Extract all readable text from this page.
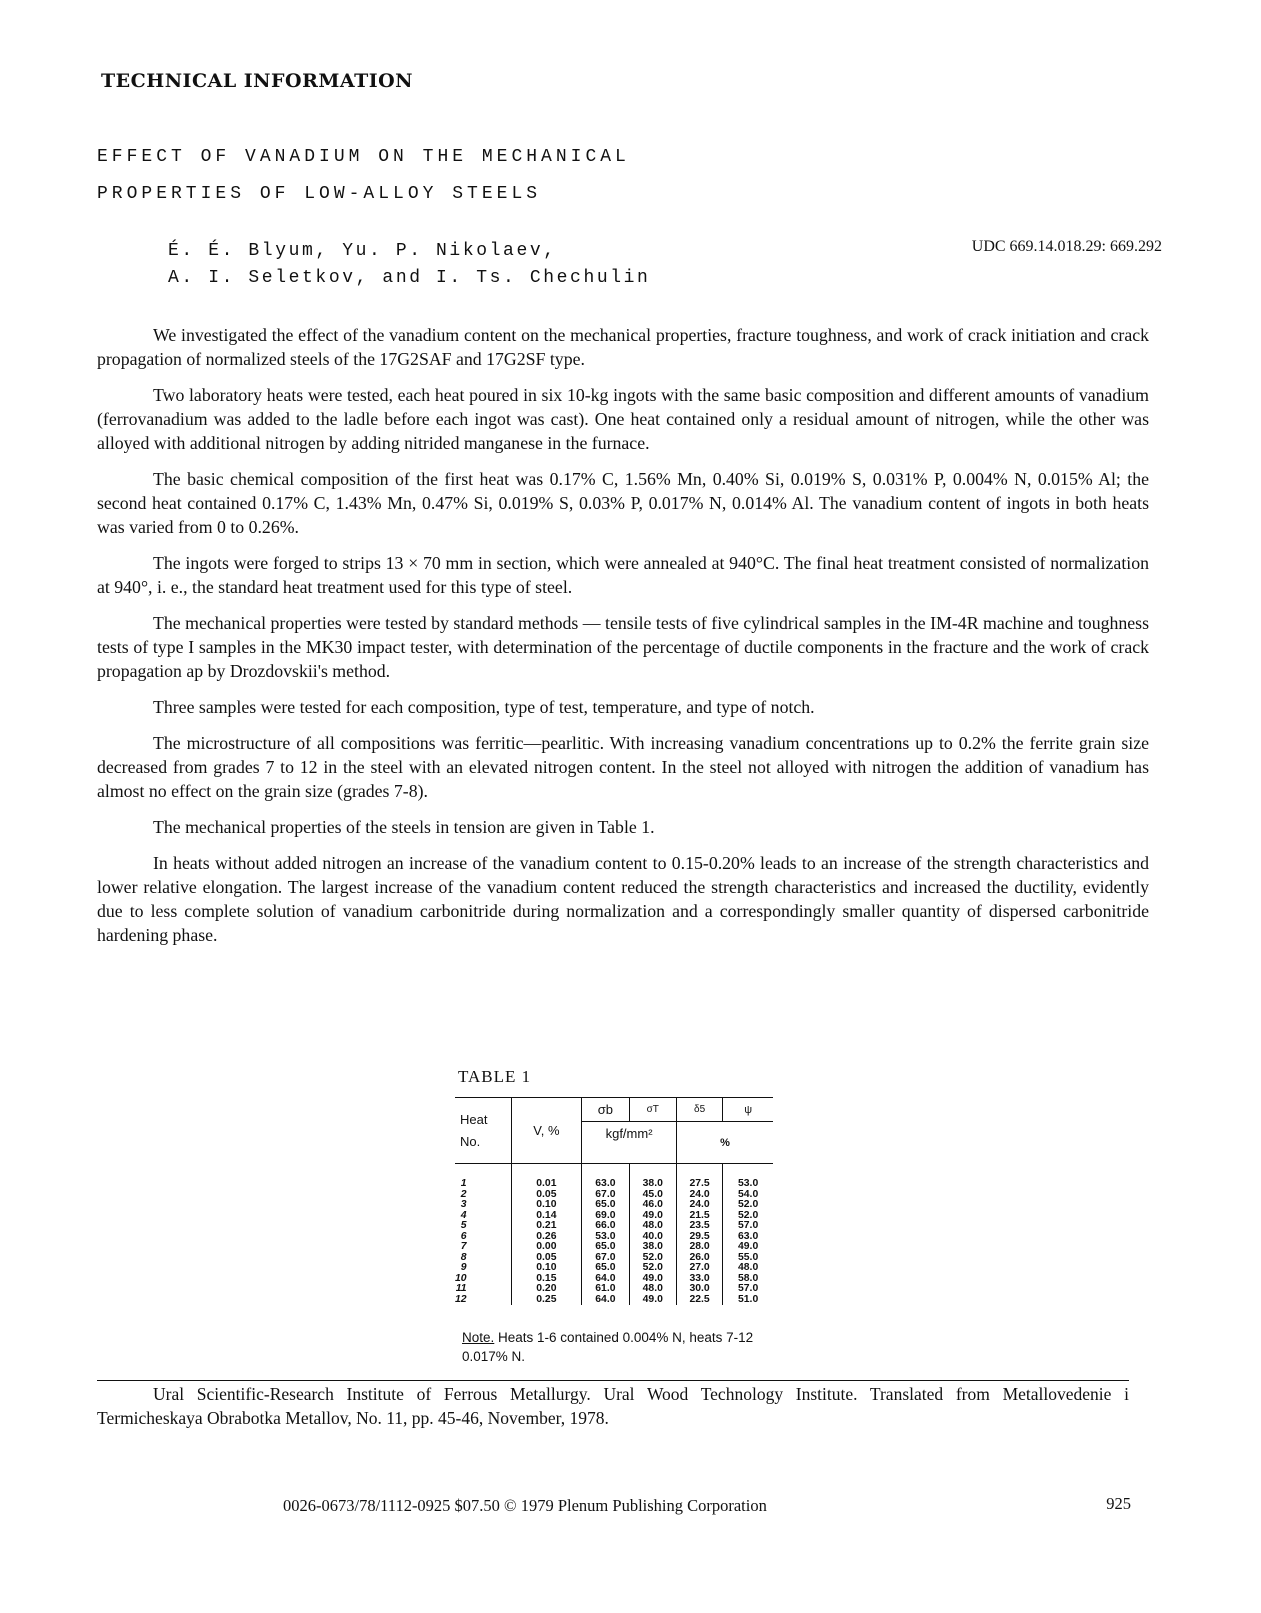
TECHNICAL INFORMATION
EFFECT OF VANADIUM ON THE MECHANICAL
PROPERTIES OF LOW-ALLOY STEELS
É. É. Blyum, Yu. P. Nikolaev,
A. I. Seletkov, and I. Ts. Chechulin
UDC 669.14.018.29: 669.292

We investigated the effect of the vanadium content on the mechanical properties, fracture toughness, and work of crack initiation and crack propagation of normalized steels of the 17G2SAF and 17G2SF type.

Two laboratory heats were tested, each heat poured in six 10-kg ingots with the same basic composition and different amounts of vanadium (ferrovanadium was added to the ladle before each ingot was cast). One heat contained only a residual amount of nitrogen, while the other was alloyed with additional nitrogen by adding nitrided manganese in the furnace.

The basic chemical composition of the first heat was 0.17% C, 1.56% Mn, 0.40% Si, 0.019% S, 0.031% P, 0.004% N, 0.015% Al; the second heat contained 0.17% C, 1.43% Mn, 0.47% Si, 0.019% S, 0.03% P, 0.017% N, 0.014% Al. The vanadium content of ingots in both heats was varied from 0 to 0.26%.

The ingots were forged to strips 13 × 70 mm in section, which were annealed at 940°C. The final heat treatment consisted of normalization at 940°, i. e., the standard heat treatment used for this type of steel.

The mechanical properties were tested by standard methods — tensile tests of five cylindrical samples in the IM-4R machine and toughness tests of type I samples in the MK30 impact tester, with determination of the percentage of ductile components in the fracture and the work of crack propagation ap by Drozdovskii's method.

Three samples were tested for each composition, type of test, temperature, and type of notch.

The microstructure of all compositions was ferritic—pearlitic. With increasing vanadium concentrations up to 0.2% the ferrite grain size decreased from grades 7 to 12 in the steel with an elevated nitrogen content. In the steel not alloyed with nitrogen the addition of vanadium has almost no effect on the grain size (grades 7-8).

The mechanical properties of the steels in tension are given in Table 1.

In heats without added nitrogen an increase of the vanadium content to 0.15-0.20% leads to an increase of the strength characteristics and lower relative elongation. The largest increase of the vanadium content reduced the strength characteristics and increased the ductility, evidently due to less complete solution of vanadium carbonitride during normalization and a correspondingly smaller quantity of dispersed carbonitride hardening phase.

TABLE 1
Heat
No.	V, %	σb	σT	δ5	ψ
		kgf/mm²		%	
1	0.01	63.0	38.0	27.5	53.0
2	0.05	67.0	45.0	24.0	54.0
3	0.10	65.0	46.0	24.0	52.0
4	0.14	69.0	49.0	21.5	52.0
5	0.21	66.0	48.0	23.5	57.0
6	0.26	53.0	40.0	29.5	63.0
7	0.00	65.0	38.0	28.0	49.0
8	0.05	67.0	52.0	26.0	55.0
9	0.10	65.0	52.0	27.0	48.0
10	0.15	64.0	49.0	33.0	58.0
11	0.20	61.0	48.0	30.0	57.0
12	0.25	64.0	49.0	22.5	51.0
Note. Heats 1-6 contained 0.004% N, heats 7-12 0.017% N.
Ural Scientific-Research Institute of Ferrous Metallurgy. Ural Wood Technology Institute. Translated from Metallovedenie i Termicheskaya Obrabotka Metallov, No. 11, pp. 45-46, November, 1978.
0026-0673/78/1112-0925 $07.50 © 1979 Plenum Publishing Corporation	925
